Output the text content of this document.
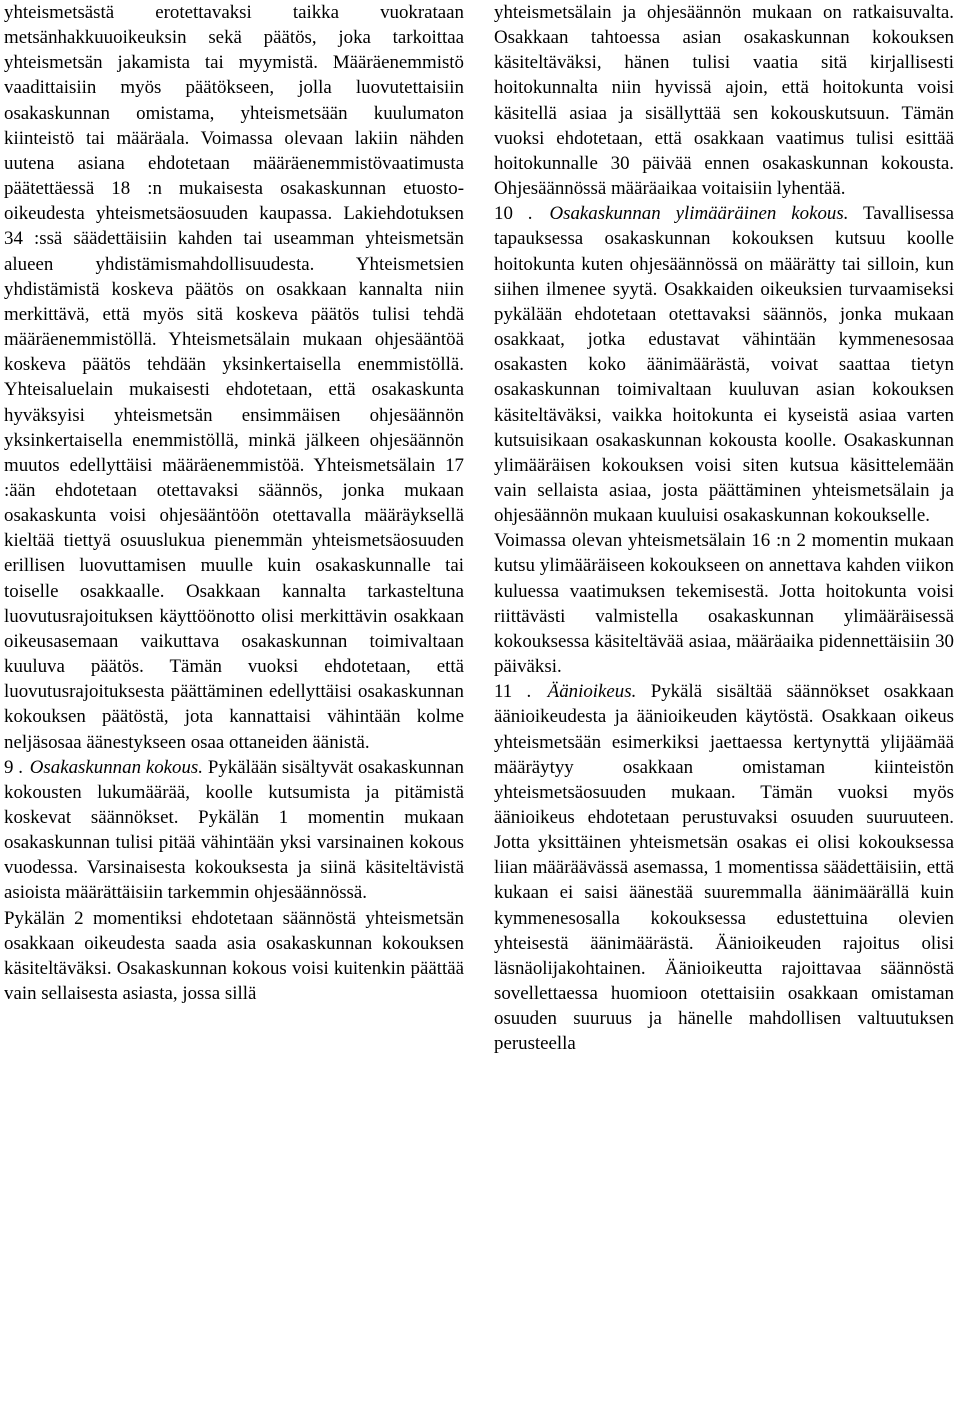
yhteismetsästä erotettavaksi taikka vuokrataan metsänhakkuuoikeuksin sekä päätös, joka tarkoittaa yhteismetsän jakamista tai myymistä. Määräenemmistö vaadittaisiin myös päätökseen, jolla luovutettaisiin osakaskunnan omistama, yhteismetsään kuulumaton kiinteistö tai määräala. Voimassa olevaan lakiin nähden uutena asiana ehdotetaan määräenemmistövaatimusta päätettäessä 18 :n mukaisesta osakaskunnan etuosto-oikeudesta yhteismetsäosuuden kaupassa. Lakiehdotuksen 34 :ssä säädettäisiin kahden tai useamman yhteismetsän alueen yhdistämismahdollisuudesta. Yhteismetsien yhdistämistä koskeva päätös on osakkaan kannalta niin merkittävä, että myös sitä koskeva päätös tulisi tehdä määräenemmistöllä. Yhteismetsälain mukaan ohjesääntöä koskeva päätös tehdään yksinkertaisella enemmistöllä. Yhteisaluelain mukaisesti ehdotetaan, että osakaskunta hyväksyisi yhteismetsän ensimmäisen ohjesäännön yksinkertaisella enemmistöllä, minkä jälkeen ohjesäännön muutos edellyttäisi määräenemmistöä. Yhteismetsälain 17 :ään ehdotetaan otettavaksi säännös, jonka mukaan osakaskunta voisi ohjesääntöön otettavalla määräyksellä kieltää tiettyä osuuslukua pienemmän yhteismetsäosuuden erillisen luovuttamisen muulle kuin osakaskunnalle tai toiselle osakkaalle. Osakkaan kannalta tarkasteltuna luovutusrajoituksen käyttöönotto olisi merkittävin osakkaan oikeusasemaan vaikuttava osakaskunnan toimivaltaan kuuluva päätös. Tämän vuoksi ehdotetaan, että luovutusrajoituksesta päättäminen edellyttäisi osakaskunnan kokouksen päätöstä, jota kannattaisi vähintään kolme neljäsosaa äänestykseen osaa ottaneiden äänistä.

9 . Osakaskunnan kokous. Pykälään sisältyvät osakaskunnan kokousten lukumäärää, koolle kutsumista ja pitämistä koskevat säännökset. Pykälän 1 momentin mukaan osakaskunnan tulisi pitää vähintään yksi varsinainen kokous vuodessa. Varsinaisesta kokouksesta ja siinä käsiteltävistä asioista määrättäisiin tarkemmin ohjesäännössä.

Pykälän 2 momentiksi ehdotetaan säännöstä yhteismetsän osakkaan oikeudesta saada asia osakaskunnan kokouksen käsiteltäväksi. Osakaskunnan kokous voisi kuitenkin päättää vain sellaisesta asiasta, jossa sillä

yhteismetsälain ja ohjesäännön mukaan on ratkaisuvalta. Osakkaan tahtoessa asian osakaskunnan kokouksen käsiteltäväksi, hänen tulisi vaatia sitä kirjallisesti hoitokunnalta niin hyvissä ajoin, että hoitokunta voisi käsitellä asiaa ja sisällyttää sen kokouskutsuun. Tämän vuoksi ehdotetaan, että osakkaan vaatimus tulisi esittää hoitokunnalle 30 päivää ennen osakaskunnan kokousta. Ohjesäännössä määräaikaa voitaisiin lyhentää.

10 . Osakaskunnan ylimääräinen kokous. Tavallisessa tapauksessa osakaskunnan kokouksen kutsuu koolle hoitokunta kuten ohjesäännössä on määrätty tai silloin, kun siihen ilmenee syytä. Osakkaiden oikeuksien turvaamiseksi pykälään ehdotetaan otettavaksi säännös, jonka mukaan osakkaat, jotka edustavat vähintään kymmenesosaa osakasten koko äänimäärästä, voivat saattaa tietyn osakaskunnan toimivaltaan kuuluvan asian kokouksen käsiteltäväksi, vaikka hoitokunta ei kyseistä asiaa varten kutsuisikaan osakaskunnan kokousta koolle. Osakaskunnan ylimääräisen kokouksen voisi siten kutsua käsittelemään vain sellaista asiaa, josta päättäminen yhteismetsälain ja ohjesäännön mukaan kuuluisi osakaskunnan kokoukselle.

Voimassa olevan yhteismetsälain 16 :n 2 momentin mukaan kutsu ylimääräiseen kokoukseen on annettava kahden viikon kuluessa vaatimuksen tekemisestä. Jotta hoitokunta voisi riittävästi valmistella osakaskunnan ylimääräisessä kokouksessa käsiteltävää asiaa, määräaika pidennettäisiin 30 päiväksi.

11 . Äänioikeus. Pykälä sisältää säännökset osakkaan äänioikeudesta ja äänioikeuden käytöstä. Osakkaan oikeus yhteismetsään esimerkiksi jaettaessa kertynyttä ylijäämää määräytyy osakkaan omistaman kiinteistön yhteismetsäosuuden mukaan. Tämän vuoksi myös äänioikeus ehdotetaan perustuvaksi osuuden suuruuteen. Jotta yksittäinen yhteismetsän osakas ei olisi kokouksessa liian määräävässä asemassa, 1 momentissa säädettäisiin, että kukaan ei saisi äänestää suuremmalla äänimäärällä kuin kymmenesosalla kokouksessa edustettuina olevien yhteisestä äänimäärästä. Äänioikeuden rajoitus olisi läsnäolijakohtainen. Äänioikeutta rajoittavaa säännöstä sovellettaessa huomioon otettaisiin osakkaan omistaman osuuden suuruus ja hänelle mahdollisen valtuutuksen perusteella
